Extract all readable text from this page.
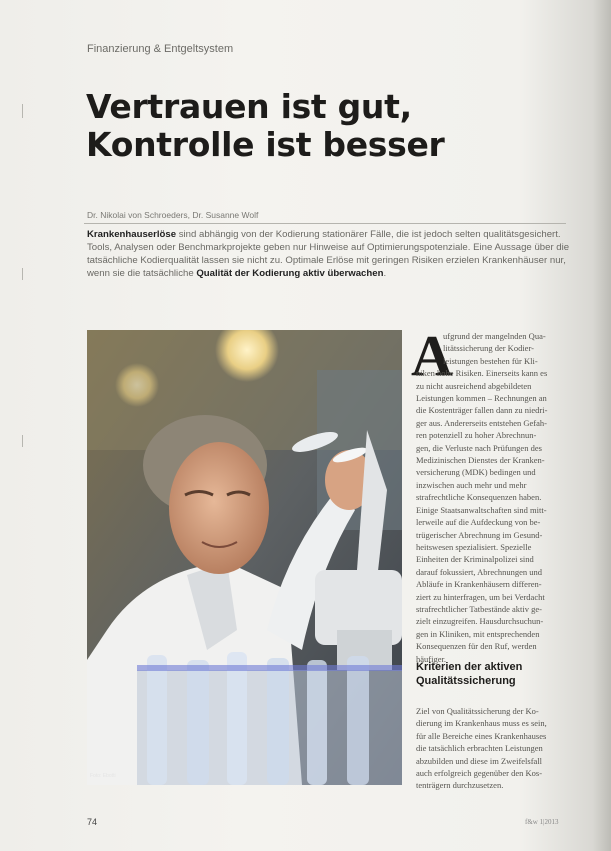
Finanzierung & Entgeltsystem
Vertrauen ist gut,
Kontrolle ist besser
Dr. Nikolai von Schroeders, Dr. Susanne Wolf
Krankenhauserlöse sind abhängig von der Kodierung stationärer Fälle, die ist jedoch selten qualitätsgesichert. Tools, Analysen oder Benchmarkprojekte geben nur Hinweise auf Optimierungspotenziale. Eine Aussage über die tatsächliche Kodierqualität lassen sie nicht zu. Optimale Erlöse mit geringen Risiken erzielen Krankenhäuser nur, wenn sie die tatsächliche Qualität der Kodierung aktiv überwachen.
Foto: Ebotti
A
ufgrund der mangelnden Qua-
litätssicherung der Kodier-
leistungen bestehen für Kli-
niken hohe Risiken. Einerseits kann es
zu nicht ausreichend abgebildeten
Leistungen kommen – Rechnungen an
die Kostenträger fallen dann zu niedri-
ger aus. Andererseits entstehen Gefah-
ren potenziell zu hoher Abrechnun-
gen, die Verluste nach Prüfungen des
Medizinischen Dienstes der Kranken-
versicherung (MDK) bedingen und
inzwischen auch mehr und mehr
strafrechtliche Konsequenzen haben.
Einige Staatsanwaltschaften sind mitt-
lerweile auf die Aufdeckung von be-
trügerischer Abrechnung im Gesund-
heitswesen spezialisiert. Spezielle
Einheiten der Kriminalpolizei sind
darauf fokussiert, Abrechnungen und
Abläufe in Krankenhäusern differen-
ziert zu hinterfragen, um bei Verdacht
strafrechtlicher Tatbestände aktiv ge-
zielt einzugreifen. Hausdurchsuchun-
gen in Kliniken, mit entsprechenden
Konsequenzen für den Ruf, werden
häufiger.
Kriterien der aktiven Qualitätssicherung
Ziel von Qualitätssicherung der Ko-
dierung im Krankenhaus muss es sein,
für alle Bereiche eines Krankenhauses
die tatsächlich erbrachten Leistungen
abzubilden und diese im Zweifelsfall
auch erfolgreich gegenüber den Kos-
tenträgern durchzusetzen.
74	f&w 1|2013
